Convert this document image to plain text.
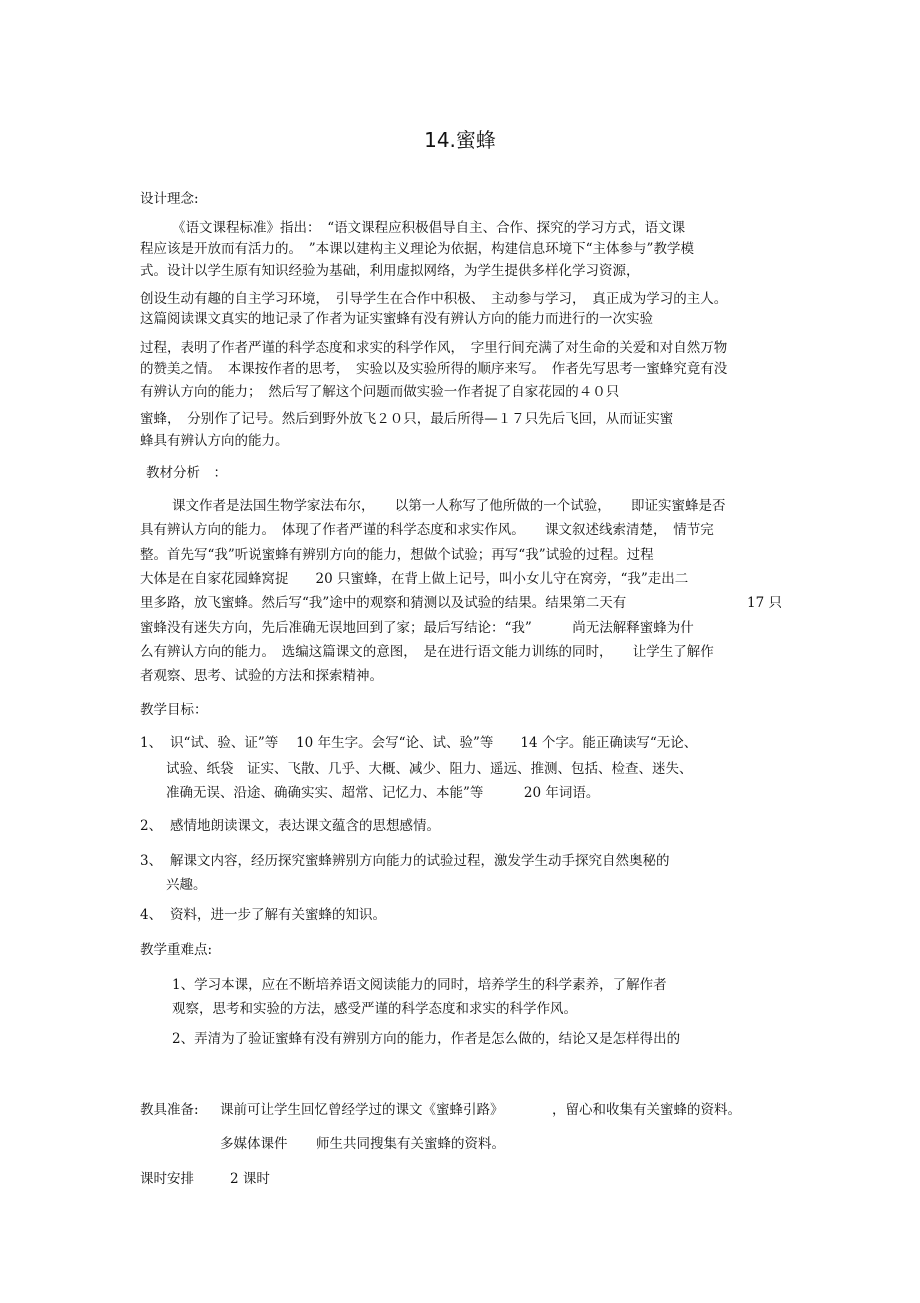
14.蜜蜂
设计理念:
《语文课程标准》指出：　“语文课程应积极倡导自主、合作、探究的学习方式，语文课
程应该是开放而有活力的。　”本课以建构主义理论为依据，构建信息环境下“主体参与”教学模
式。设计以学生原有知识经验为基础，利用虚拟网络，为学生提供多样化学习资源，
创设生动有趣的自主学习环境，　引导学生在合作中积极、　主动参与学习，　真正成为学习的主人。
这篇阅读课文真实的地记录了作者为证实蜜蜂有没有辨认方向的能力而进行的一次实验
过程，表明了作者严谨的科学态度和求实的科学作风，　字里行间充满了对生命的关爱和对自然万物
的赞美之情。　本课按作者的思考，　实验以及实验所得的顺序来写。　作者先写思考一蜜蜂究竟有没
有辨认方向的能力；　然后写了解这个问题而做实验一作者捉了自家花园的４０只
蜜蜂，　分别作了记号。然后到野外放飞２０只，最后所得—１７只先后飞回，从而证实蜜
蜂具有辨认方向的能力。
教材分析　：
课文作者是法国生物学家法布尔，　　以第一人称写了他所做的一个试验，　　即证实蜜蜂是否
具有辨认方向的能力。　体现了作者严谨的科学态度和求实作风。　　课文叙述线索清楚，　情节完
整。首先写“我”听说蜜蜂有辨别方向的能力，想做个试验；再写“我”试验的过程。过程
大体是在自家花园蜂窝捉　　20 只蜜蜂，在背上做上记号，叫小女儿守在窝旁，“我”走出二
里多路，放飞蜜蜂。然后写“我”途中的观察和猜测以及试验的结果。结果第二天有	17 只
蜜蜂没有迷失方向，先后准确无误地回到了家；最后写结论：“我”　　　尚无法解释蜜蜂为什
么有辨认方向的能力。　选编这篇课文的意图，　是在进行语文能力训练的同时，　　让学生了解作
者观察、思考、试验的方法和探索精神。
教学目标：
1、 识“试、验、证”等　 10 年生字。会写“论、试、验”等　　14 个字。能正确读写“无论、
试验、纸袋　证实、飞散、几乎、大概、减少、阻力、遥远、推测、包括、检查、迷失、
准确无误、沿途、确确实实、超常、记忆力、本能”等　　　20 年词语。
2、 感情地朗读课文，表达课文蕴含的思想感情。
3、 解课文内容，经历探究蜜蜂辨别方向能力的试验过程，激发学生动手探究自然奥秘的
兴趣。
4、 资料，进一步了解有关蜜蜂的知识。
教学重难点:
1、学习本课，应在不断培养语文阅读能力的同时，培养学生的科学素养，了解作者
观察，思考和实验的方法，感受严谨的科学态度和求实的科学作风。
2、弄清为了验证蜜蜂有没有辨别方向的能力，作者是怎么做的，结论又是怎样得出的
教具准备: 课前可让学生回忆曾经学过的课文《蜜蜂引路》	，留心和收集有关蜜蜂的资料。
多媒体课件 师生共同搜集有关蜜蜂的资料。
课时安排	2 课时
